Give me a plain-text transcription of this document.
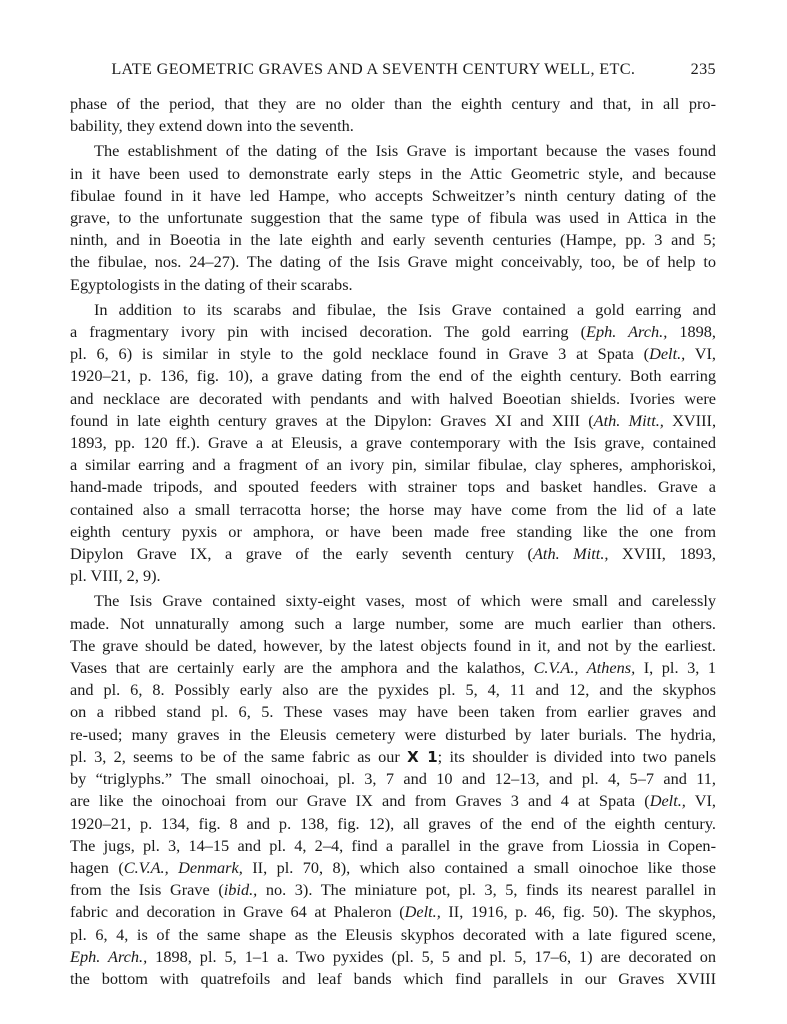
LATE GEOMETRIC GRAVES AND A SEVENTH CENTURY WELL, ETC.	235
phase of the period, that they are no older than the eighth century and that, in all pro-
bability, they extend down into the seventh.
The establishment of the dating of the Isis Grave is important because the vases found
in it have been used to demonstrate early steps in the Attic Geometric style, and because
fibulae found in it have led Hampe, who accepts Schweitzer’s ninth century dating of the
grave, to the unfortunate suggestion that the same type of fibula was used in Attica in the
ninth, and in Boeotia in the late eighth and early seventh centuries (Hampe, pp. 3 and 5;
the fibulae, nos. 24–27). The dating of the Isis Grave might conceivably, too, be of help to
Egyptologists in the dating of their scarabs.
In addition to its scarabs and fibulae, the Isis Grave contained a gold earring and
a fragmentary ivory pin with incised decoration. The gold earring (Eph. Arch., 1898,
pl. 6, 6) is similar in style to the gold necklace found in Grave 3 at Spata (Delt., VI,
1920–21, p. 136, fig. 10), a grave dating from the end of the eighth century. Both earring
and necklace are decorated with pendants and with halved Boeotian shields. Ivories were
found in late eighth century graves at the Dipylon: Graves XI and XIII (Ath. Mitt., XVIII,
1893, pp. 120 ff.). Grave a at Eleusis, a grave contemporary with the Isis grave, contained
a similar earring and a fragment of an ivory pin, similar fibulae, clay spheres, amphoriskoi,
hand-made tripods, and spouted feeders with strainer tops and basket handles. Grave a
contained also a small terracotta horse; the horse may have come from the lid of a late
eighth century pyxis or amphora, or have been made free standing like the one from
Dipylon Grave IX, a grave of the early seventh century (Ath. Mitt., XVIII, 1893,
pl. VIII, 2, 9).
The Isis Grave contained sixty-eight vases, most of which were small and carelessly
made. Not unnaturally among such a large number, some are much earlier than others.
The grave should be dated, however, by the latest objects found in it, and not by the earliest.
Vases that are certainly early are the amphora and the kalathos, C.V.A., Athens, I, pl. 3, 1
and pl. 6, 8. Possibly early also are the pyxides pl. 5, 4, 11 and 12, and the skyphos
on a ribbed stand pl. 6, 5. These vases may have been taken from earlier graves and
re-used; many graves in the Eleusis cemetery were disturbed by later burials. The hydria,
pl. 3, 2, seems to be of the same fabric as our X 1; its shoulder is divided into two panels
by “triglyphs.” The small oinochoai, pl. 3, 7 and 10 and 12–13, and pl. 4, 5–7 and 11,
are like the oinochoai from our Grave IX and from Graves 3 and 4 at Spata (Delt., VI,
1920–21, p. 134, fig. 8 and p. 138, fig. 12), all graves of the end of the eighth century.
The jugs, pl. 3, 14–15 and pl. 4, 2–4, find a parallel in the grave from Liossia in Copen-
hagen (C.V.A., Denmark, II, pl. 70, 8), which also contained a small oinochoe like those
from the Isis Grave (ibid., no. 3). The miniature pot, pl. 3, 5, finds its nearest parallel in
fabric and decoration in Grave 64 at Phaleron (Delt., II, 1916, p. 46, fig. 50). The skyphos,
pl. 6, 4, is of the same shape as the Eleusis skyphos decorated with a late figured scene,
Eph. Arch., 1898, pl. 5, 1–1 a. Two pyxides (pl. 5, 5 and pl. 5, 17–6, 1) are decorated on
the bottom with quatrefoils and leaf bands which find parallels in our Graves XVIII
